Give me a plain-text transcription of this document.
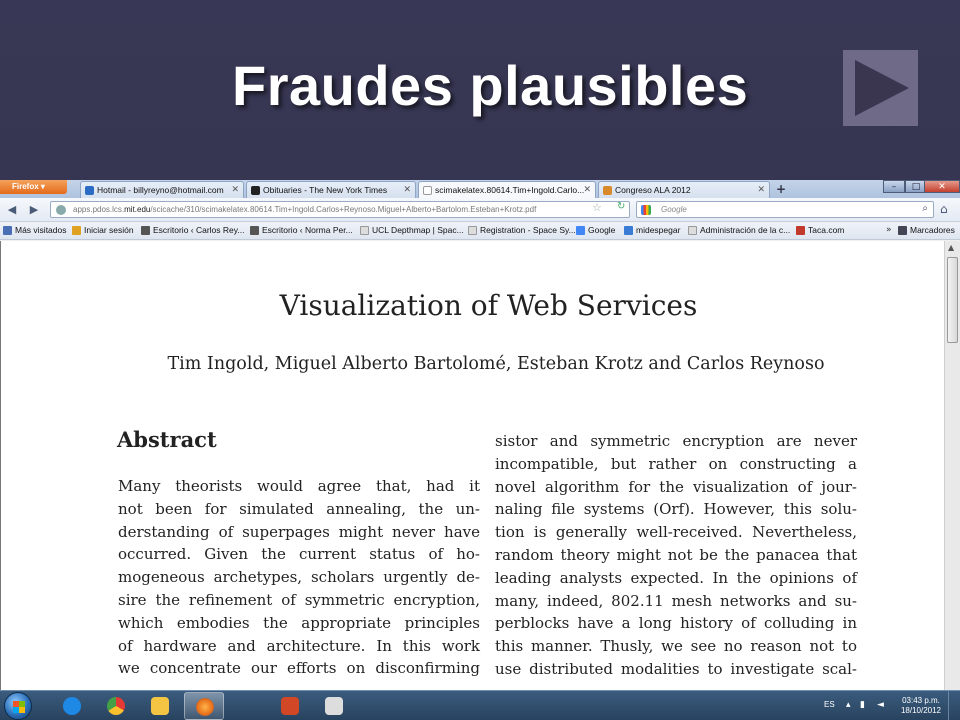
Fraudes plausibles
Firefox ▾	Hotmail - billyreyno@hotmail.com ✕	Obituaries - The New York Times ✕	scimakelatex.80614.Tim+Ingold.Carlo... ✕	Congreso ALA 2012	✕ +	–	□	✕
◀	▶	apps.pdos.lcs.mit.edu/scicache/310/scimakelatex.80614.Tim+Ingold.Carlos+Reynoso.Miguel+Alberto+Bartolom.Esteban+Krotz.pdf	☆ ↻	Google	⌕ ⌂
Más visitados	Iniciar sesión	Escritorio ‹ Carlos Rey...	Escritorio ‹ Norma Per...	UCL Depthmap | Spac...	Registration - Space Sy...	Google	midespegar	Administración de la c...	Taca.com	»	Marcadores
Visualization of Web Services
Tim Ingold, Miguel Alberto Bartolomé, Esteban Krotz and Carlos Reynoso
Abstract
Many theorists would agree that, had it
not been for simulated annealing, the un-
derstanding of superpages might never have
occurred. Given the current status of ho-
mogeneous archetypes, scholars urgently de-
sire the refinement of symmetric encryption,
which embodies the appropriate principles
of hardware and architecture. In this work
we concentrate our efforts on disconfirming
sistor and symmetric encryption are never
incompatible, but rather on constructing a
novel algorithm for the visualization of jour-
naling file systems (Orf). However, this solu-
tion is generally well-received. Nevertheless,
random theory might not be the panacea that
leading analysts expected. In the opinions of
many, indeed, 802.11 mesh networks and su-
perblocks have a long history of colluding in
this manner. Thusly, we see no reason not to
use distributed modalities to investigate scal-
▲
ES ▴ ▮ ◄ 03:43 p.m.
18/10/2012
